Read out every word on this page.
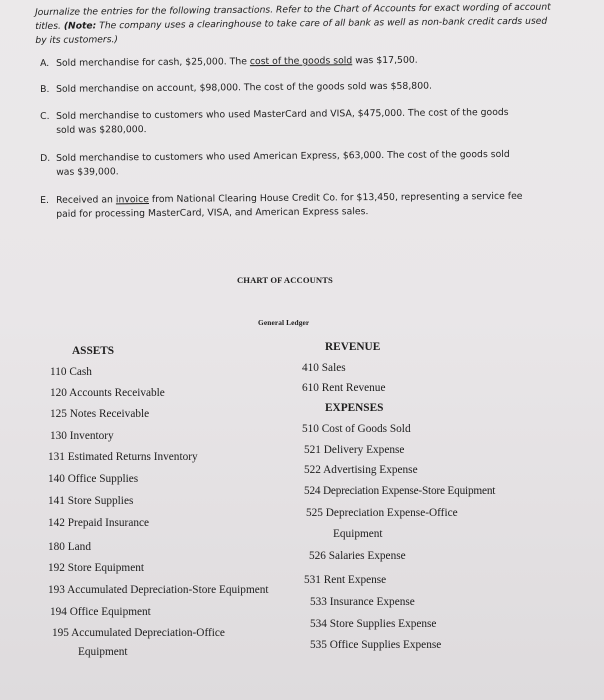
Journalize the entries for the following transactions. Refer to the Chart of Accounts for exact wording of account titles. (Note: The company uses a clearinghouse to take care of all bank as well as non-bank credit cards used by its customers.)
A. Sold merchandise for cash, $25,000. The cost of the goods sold was $17,500.
B. Sold merchandise on account, $98,000. The cost of the goods sold was $58,800.
C. Sold merchandise to customers who used MasterCard and VISA, $475,000. The cost of the goods
sold was $280,000.
D. Sold merchandise to customers who used American Express, $63,000. The cost of the goods sold
was $39,000.
E. Received an invoice from National Clearing House Credit Co. for $13,450, representing a service fee
paid for processing MasterCard, VISA, and American Express sales.
CHART OF ACCOUNTS
General Ledger
ASSETS
110 Cash
120 Accounts Receivable
125 Notes Receivable
130 Inventory
131 Estimated Returns Inventory
140 Office Supplies
141 Store Supplies
142 Prepaid Insurance
180 Land
192 Store Equipment
193 Accumulated Depreciation-Store Equipment
194 Office Equipment
195 Accumulated Depreciation-Office
Equipment
REVENUE
410 Sales
610 Rent Revenue
EXPENSES
510 Cost of Goods Sold
521 Delivery Expense
522 Advertising Expense
524 Depreciation Expense-Store Equipment
525 Depreciation Expense-Office
Equipment
526 Salaries Expense
531 Rent Expense
533 Insurance Expense
534 Store Supplies Expense
535 Office Supplies Expense
